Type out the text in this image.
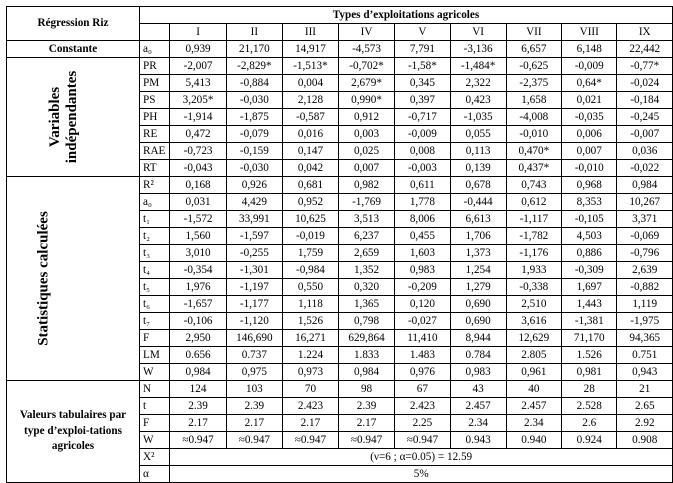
Régression Riz	Types d’exploitations agricoles									
		I	II	III	IV	V	VI	VII	VIII	IX
Constante	a₀	0,939	21,170	14,917	-4,573	7,791	-3,136	6,657	6,148	22,442
Variables
indépendantes	PR	-2,007	-2,829*	-1,513*	-0,702*	-1,58*	-1,484*	-0,625	-0,009	-0,77*
	PM	5,413	-0,884	0,004	2,679*	0,345	2,322	-2,375	0,64*	-0,024
	PS	3,205*	-0,030	2,128	0,990*	0,397	0,423	1,658	0,021	-0,184
	PH	-1,914	-1,875	-0,587	0,912	-0,717	-1,035	-4,008	-0,035	-0,245
	RE	0,472	-0,079	0,016	0,003	-0,009	0,055	-0,010	0,006	-0,007
	RAE	-0,723	-0,159	0,147	0,025	0,008	0,113	0,470*	0,007	0,036
	RT	-0,043	-0,030	0,042	0,007	-0,003	0,139	0,437*	-0,010	-0,022
Statistiques calculées	R²	0,168	0,926	0,681	0,982	0,611	0,678	0,743	0,968	0,984
	a₀	0,031	4,429	0,952	-1,769	1,778	-0,444	0,612	8,353	10,267
	t₁	-1,572	33,991	10,625	3,513	8,006	6,613	-1,117	-0,105	3,371
	t₂	1,560	-1,597	-0,019	6,237	0,455	1,706	-1,782	4,503	-0,069
	t₃	3,010	-0,255	1,759	2,659	1,603	1,373	-1,176	0,886	-0,796
	t₄	-0,354	-1,301	-0,984	1,352	0,983	1,254	1,933	-0,309	2,639
	t₅	1,976	-1,197	0,550	0,320	-0,209	1,279	-0,338	1,697	-0,882
	t₆	-1,657	-1,177	1,118	1,365	0,120	0,690	2,510	1,443	1,119
	t₇	-0,106	-1,120	1,526	0,798	-0,027	0,690	3,616	-1,381	-1,975
	F	2,950	146,690	16,271	629,864	11,410	8,944	12,629	71,170	94,365
	LM	0.656	0.737	1.224	1.833	1.483	0.784	2.805	1.526	0.751
	W	0,984	0,975	0,973	0,984	0,976	0,983	0,961	0,981	0,943
Valeurs tabulaires par type d’exploi-tations agricoles	N	124	103	70	98	67	43	40	28	21
	t	2.39	2.39	2.423	2.39	2.423	2.457	2.457	2.528	2.65
	F	2.17	2.17	2.17	2.17	2.25	2.34	2.34	2.6	2.92
	W	≈0.947	≈0.947	≈0.947	≈0.947	≈0.947	0.943	0.940	0.924	0.908
	X²	(ν=6 ; α=0.05) = 12.59								
	α	5%								
